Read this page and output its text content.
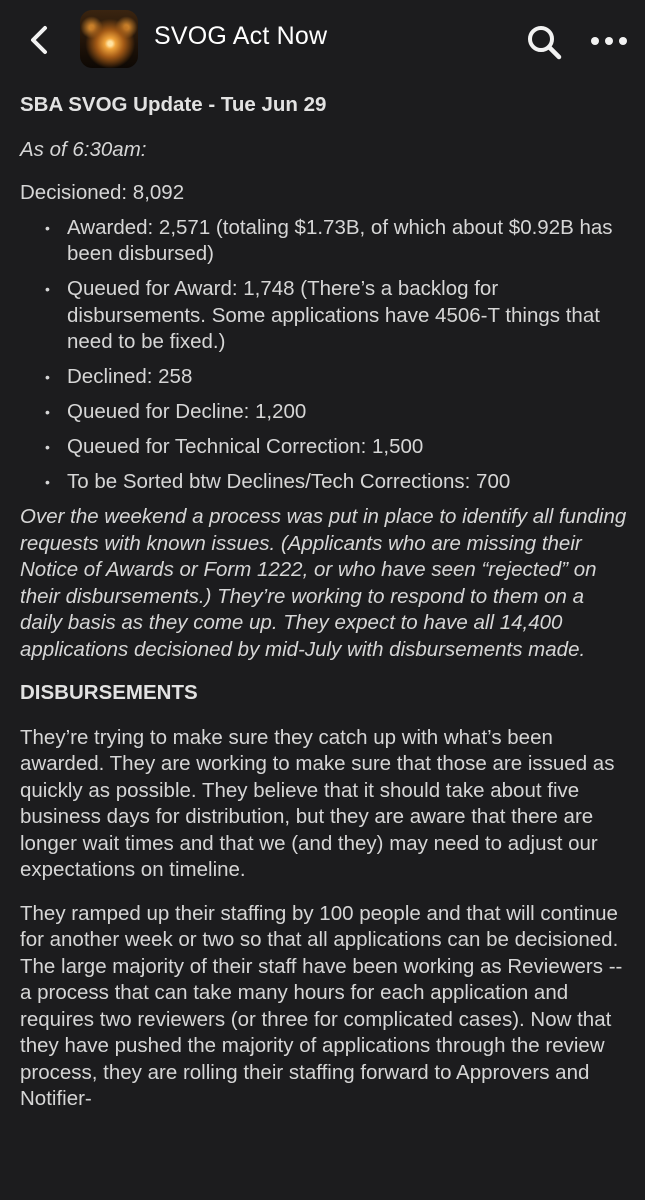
SVOG Act Now
SBA SVOG Update - Tue Jun 29
As of 6:30am:
Decisioned: 8,092
• Awarded: 2,571 (totaling $1.73B, of which about $0.92B has been disbursed)
• Queued for Award: 1,748 (There’s a backlog for disbursements. Some applications have 4506-T things that need to be fixed.)
• Declined: 258
• Queued for Decline: 1,200
• Queued for Technical Correction: 1,500
• To be Sorted btw Declines/Tech Corrections: 700
Over the weekend a process was put in place to identify all funding requests with known issues. (Applicants who are missing their Notice of Awards or Form 1222, or who have seen “rejected” on their disbursements.) They’re working to respond to them on a daily basis as they come up. They expect to have all 14,400 applications decisioned by mid-July with disbursements made.
DISBURSEMENTS
They’re trying to make sure they catch up with what’s been awarded. They are working to make sure that those are issued as quickly as possible. They believe that it should take about five business days for distribution, but they are aware that there are longer wait times and that we (and they) may need to adjust our expectations on timeline.
They ramped up their staffing by 100 people and that will continue for another week or two so that all applications can be decisioned. The large majority of their staff have been working as Reviewers -- a process that can take many hours for each application and requires two reviewers (or three for complicated cases). Now that they have pushed the majority of applications through the review process, they are rolling their staffing forward to Approvers and Notifier-
